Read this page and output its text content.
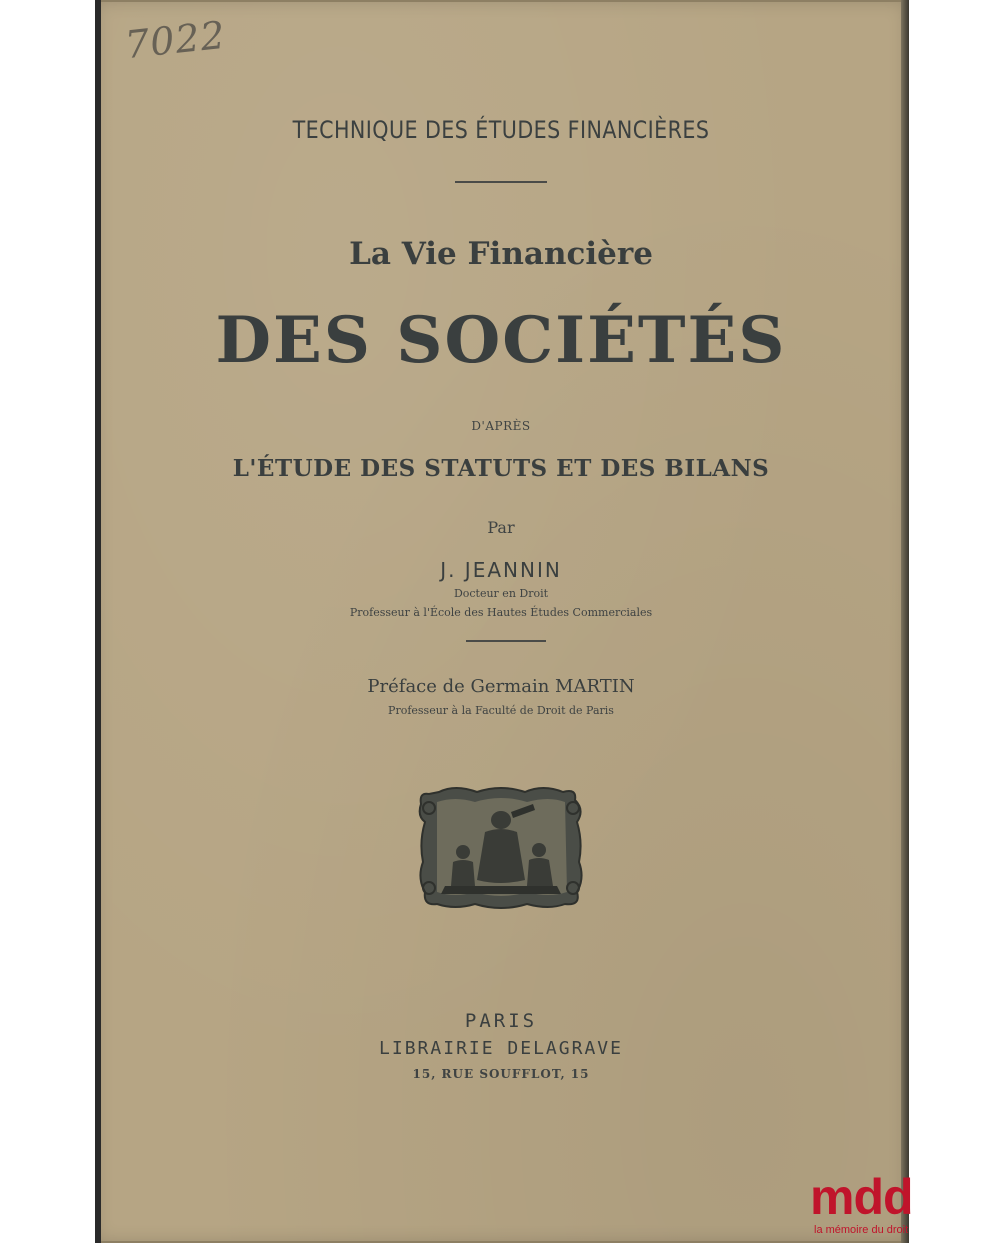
7022
TECHNIQUE DES ÉTUDES FINANCIÈRES
La Vie Financière
DES SOCIÉTÉS
D'APRÈS
L'ÉTUDE DES STATUTS ET DES BILANS
Par
J. JEANNIN
Docteur en Droit
Professeur à l'École des Hautes Études Commerciales
Préface de Germain MARTIN
Professeur à la Faculté de Droit de Paris
PARIS
LIBRAIRIE DELAGRAVE
15, RUE SOUFFLOT, 15
mdd
la mémoire du droit
